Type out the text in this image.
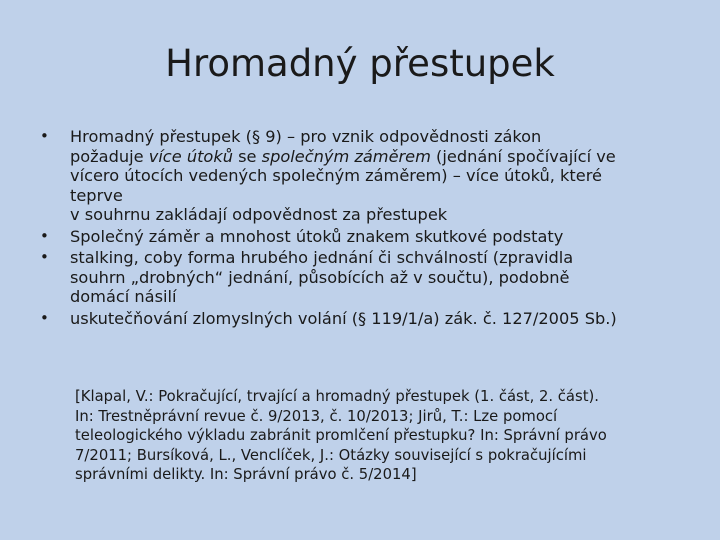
Hromadný přestupek
• Hromadný přestupek (§ 9) – pro vznik odpovědnosti zákon
požaduje více útoků se společným záměrem (jednání spočívající ve
vícero útocích vedených společným záměrem) – více útoků, které
teprve
v souhrnu zakládají odpovědnost za přestupek
• Společný záměr a mnohost útoků znakem skutkové podstaty
• stalking, coby forma hrubého jednání či schválností (zpravidla
souhrn „drobných“ jednání, působících až v součtu), podobně
domácí násilí
• uskutečňování zlomyslných volání (§ 119/1/a) zák. č. 127/2005 Sb.)
[Klapal, V.: Pokračující, trvající a hromadný přestupek (1. část, 2. část).
In: Trestněprávní revue č. 9/2013, č. 10/2013; Jirů, T.: Lze pomocí
teleologického výkladu zabránit promlčení přestupku? In: Správní právo
7/2011; Bursíková, L., Venclíček, J.: Otázky související s pokračujícími
správními delikty. In: Správní právo č. 5/2014]
